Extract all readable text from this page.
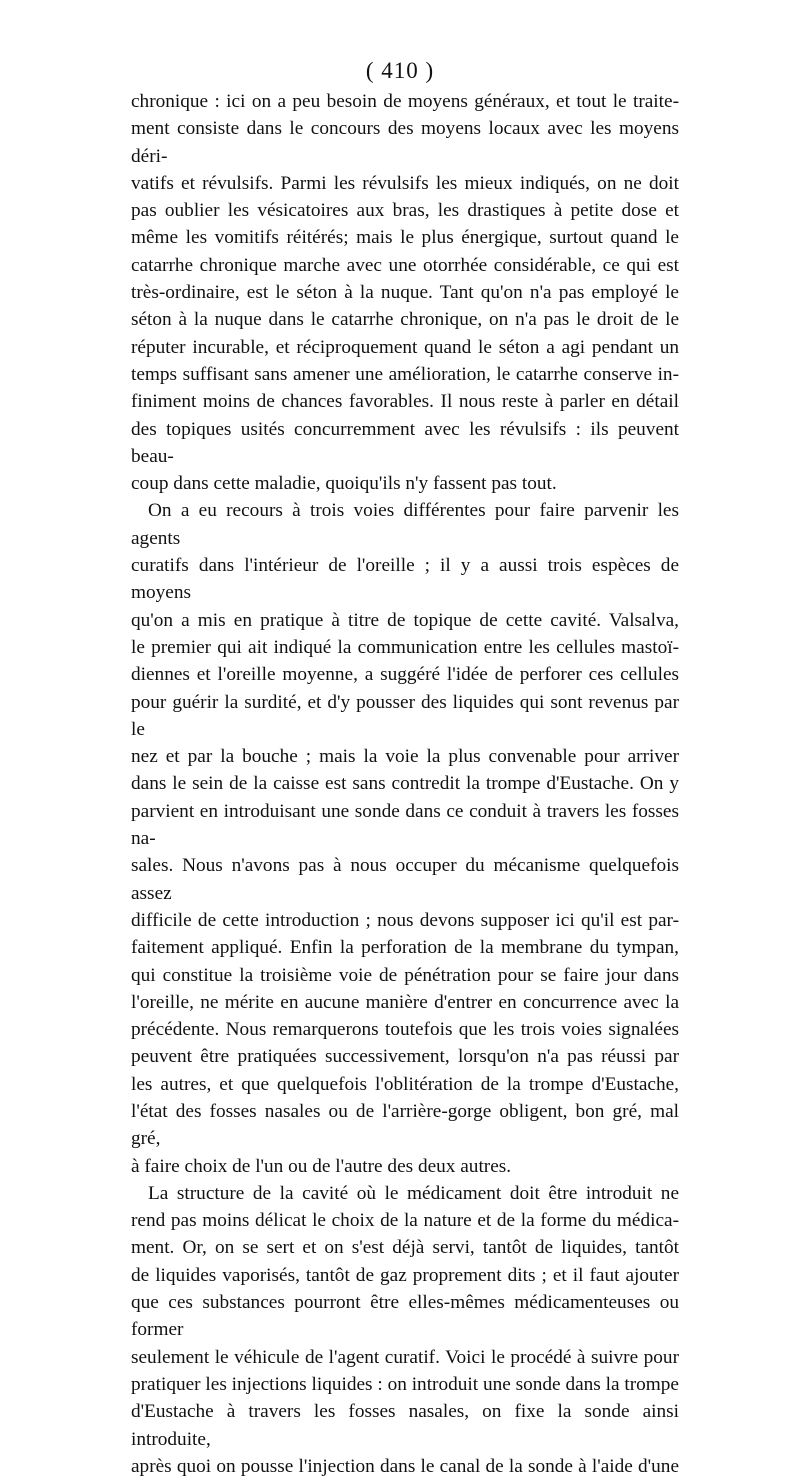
( 410 )

chronique : ici on a peu besoin de moyens généraux, et tout le traite-

ment consiste dans le concours des moyens locaux avec les moyens déri-

vatifs et révulsifs. Parmi les révulsifs les mieux indiqués, on ne doit

pas oublier les vésicatoires aux bras, les drastiques à petite dose et

même les vomitifs réitérés; mais le plus énergique, surtout quand le

catarrhe chronique marche avec une otorrhée considérable, ce qui est

très-ordinaire, est le séton à la nuque. Tant qu'on n'a pas employé le

séton à la nuque dans le catarrhe chronique, on n'a pas le droit de le

réputer incurable, et réciproquement quand le séton a agi pendant un

temps suffisant sans amener une amélioration, le catarrhe conserve in-

finiment moins de chances favorables. Il nous reste à parler en détail

des topiques usités concurremment avec les révulsifs : ils peuvent beau-

coup dans cette maladie, quoiqu'ils n'y fassent pas tout.

On a eu recours à trois voies différentes pour faire parvenir les agents

curatifs dans l'intérieur de l'oreille ; il y a aussi trois espèces de moyens

qu'on a mis en pratique à titre de topique de cette cavité. Valsalva,

le premier qui ait indiqué la communication entre les cellules mastoï-

diennes et l'oreille moyenne, a suggéré l'idée de perforer ces cellules

pour guérir la surdité, et d'y pousser des liquides qui sont revenus par le

nez et par la bouche ; mais la voie la plus convenable pour arriver

dans le sein de la caisse est sans contredit la trompe d'Eustache. On y

parvient en introduisant une sonde dans ce conduit à travers les fosses na-

sales. Nous n'avons pas à nous occuper du mécanisme quelquefois assez

difficile de cette introduction ; nous devons supposer ici qu'il est par-

faitement appliqué. Enfin la perforation de la membrane du tympan,

qui constitue la troisième voie de pénétration pour se faire jour dans

l'oreille, ne mérite en aucune manière d'entrer en concurrence avec la

précédente. Nous remarquerons toutefois que les trois voies signalées

peuvent être pratiquées successivement, lorsqu'on n'a pas réussi par

les autres, et que quelquefois l'oblitération de la trompe d'Eustache,

l'état des fosses nasales ou de l'arrière-gorge obligent, bon gré, mal gré,

à faire choix de l'un ou de l'autre des deux autres.

La structure de la cavité où le médicament doit être introduit ne

rend pas moins délicat le choix de la nature et de la forme du médica-

ment. Or, on se sert et on s'est déjà servi, tantôt de liquides, tantôt

de liquides vaporisés, tantôt de gaz proprement dits ; et il faut ajouter

que ces substances pourront être elles-mêmes médicamenteuses ou former

seulement le véhicule de l'agent curatif. Voici le procédé à suivre pour

pratiquer les injections liquides : on introduit une sonde dans la trompe

d'Eustache à travers les fosses nasales, on fixe la sonde ainsi introduite,

après quoi on pousse l'injection dans le canal de la sonde à l'aide d'une
